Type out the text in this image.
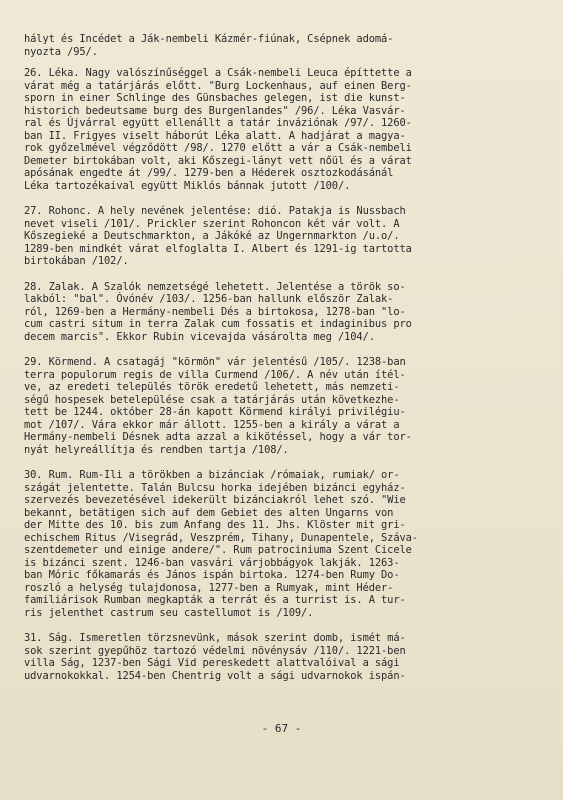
hályt és Incédet a Ják-nembeli Kázmér-fiúnak, Csépnek adomá-
nyozta /95/.
26. Léka. Nagy valószínűséggel a Csák-nembeli Leuca építtette a
várat még a tatárjárás előtt. "Burg Lockenhaus, auf einen Berg-
sporn in einer Schlinge des Günsbaches gelegen, ist die kunst-
historich bedeutsame burg des Burgenlandes" /96/. Léka Vasvár-
ral és Újvárral együtt ellenállt a tatár inváziónak /97/. 1260-
ban II. Frigyes viselt háborút Léka alatt. A hadjárat a magya-
rok győzelmével végződött /98/. 1270 előtt a vár a Csák-nembeli
Demeter birtokában volt, aki Kőszegi-lányt vett nőül és a várat
apósának engedte át /99/. 1279-ben a Héderek osztozkodásánál
Léka tartozékaival együtt Miklós bánnak jutott /100/.
27. Rohonc. A hely nevének jelentése: dió. Patakja is Nussbach
nevet viseli /101/. Prickler szerint Rohoncon két vár volt. A
Kőszegieké a Deutschmarkton, a Jákóké az Ungernmarkton /u.o/.
1289-ben mindkét várat elfoglalta I. Albert és 1291-ig tartotta
birtokában /102/.
28. Zalak. A Szalók nemzetségé lehetett. Jelentése a török so-
lakból: "bal". Óvónév /103/. 1256-ban hallunk először Zalak-
ról, 1269-ben a Hermány-nembeli Dés a birtokosa, 1278-ban "lo-
cum castri situm in terra Zalak cum fossatis et indaginibus pro
decem marcis". Ekkor Rubin vicevajda vásárolta meg /104/.
29. Körmend. A csatagáj "körmön" vár jelentésű /105/. 1238-ban
terra populorum regis de villa Curmend /106/. A név után ítél-
ve, az eredeti település török eredetű lehetett, más nemzeti-
ségű hospesek betelepülése csak a tatárjárás után következhe-
tett be 1244. október 28-án kapott Körmend királyi privilégiu-
mot /107/. Vára ekkor már állott. 1255-ben a király a várat a
Hermány-nembeli Désnek adta azzal a kikötéssel, hogy a vár tor-
nyát helyreállítja és rendben tartja /108/.
30. Rum. Rum-Ili a törökben a bizánciak /rómaiak, rumiak/ or-
szágát jelentette. Talán Bulcsu horka idejében bizánci egyház-
szervezés bevezetésével idekerült bizánciakról lehet szó. "Wie
bekannt, betätigen sich auf dem Gebiet des alten Ungarns von
der Mitte des 10. bis zum Anfang des 11. Jhs. Klöster mit gri-
echischem Ritus /Visegrád, Veszprém, Tihany, Dunapentele, Száva-
szentdemeter und einige andere/". Rum patrociniuma Szent Cicele
is bizánci szent. 1246-ban vasvári várjobbágyok lakják. 1263-
ban Móric főkamarás és János ispán birtoka. 1274-ben Rumy Do-
roszló a helység tulajdonosa, 1277-ben a Rumyak, mint Héder-
familiárisok Rumban megkapták a terrát és a turrist is. A tur-
ris jelenthet castrum seu castellumot is /109/.
31. Ság. Ismeretlen törzsnevünk, mások szerint domb, ismét má-
sok szerint gyepűhöz tartozó védelmi növénysáv /110/. 1221-ben
villa Ság, 1237-ben Sági Vid pereskedett alattvalóival a sági
udvarnokokkal. 1254-ben Chentrig volt a sági udvarnokok ispán-
- 67 -
